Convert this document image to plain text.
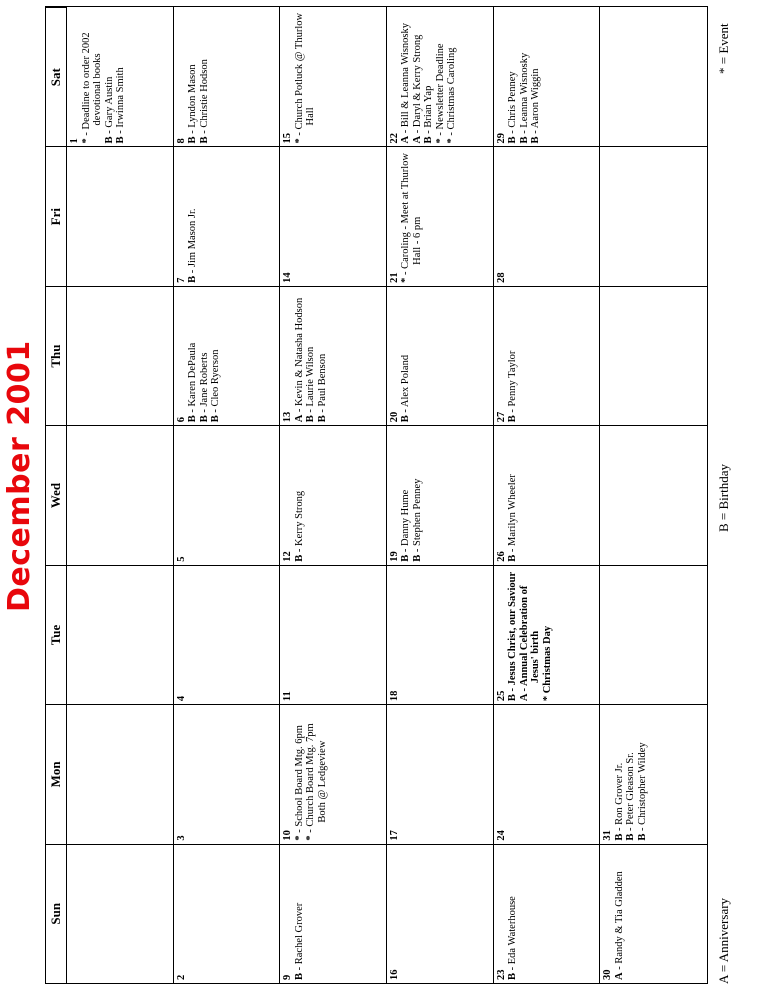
December 2001
Sun
Mon
Tue
Wed
Thu
Fri
Sat
1 * - Deadline to order 2002 devotional books
B - Gary Austin
B - Irwinna Smith
2
3
4
5
6 B - Karen DePaula
B - Jane Roberts
B - Cleo Ryerson
7 B - Jim Mason Jr.
8 B - Lyndon Mason
B - Christie Hodson
9 B - Rachel Grover
10 * - School Board Mtg. 6pm
* - Church Board Mtg. 7pm Both @ Ledgeview
11
12 B - Kerry Strong
13 A - Kevin & Natasha Hodson
B - Laurie Wilson
B - Paul Benson
14
15 * - Church Potluck @ Thurlow Hall
16
17
18
19 B - Danny Hume
B - Stephen Penney
20 B - Alex Poland
21 * - Caroling - Meet at Thurlow Hall - 6 pm
22 A - Bill & Leanna Wisnosky
A - Daryl & Kerry Strong
B - Brian Yap
* - Newsletter Deadline
* - Christmas Caroling
23 B - Eda Waterhouse
24
25 B - Jesus Christ, our Saviour
A - Annual Celebration of Jesus' birth
* Christmas Day
26 B - Marilyn Wheeler
27 B - Penny Taylor
28
29 B - Chris Penney
B - Leanna Wisnosky
B - Aaron Wiggin
30 A - Randy & Tia Gladden
31 B - Ron Grover Jr.
B - Peter Gleason Sr.
B - Christopher Wildey
A = Anniversary
B = Birthday
* = Event
